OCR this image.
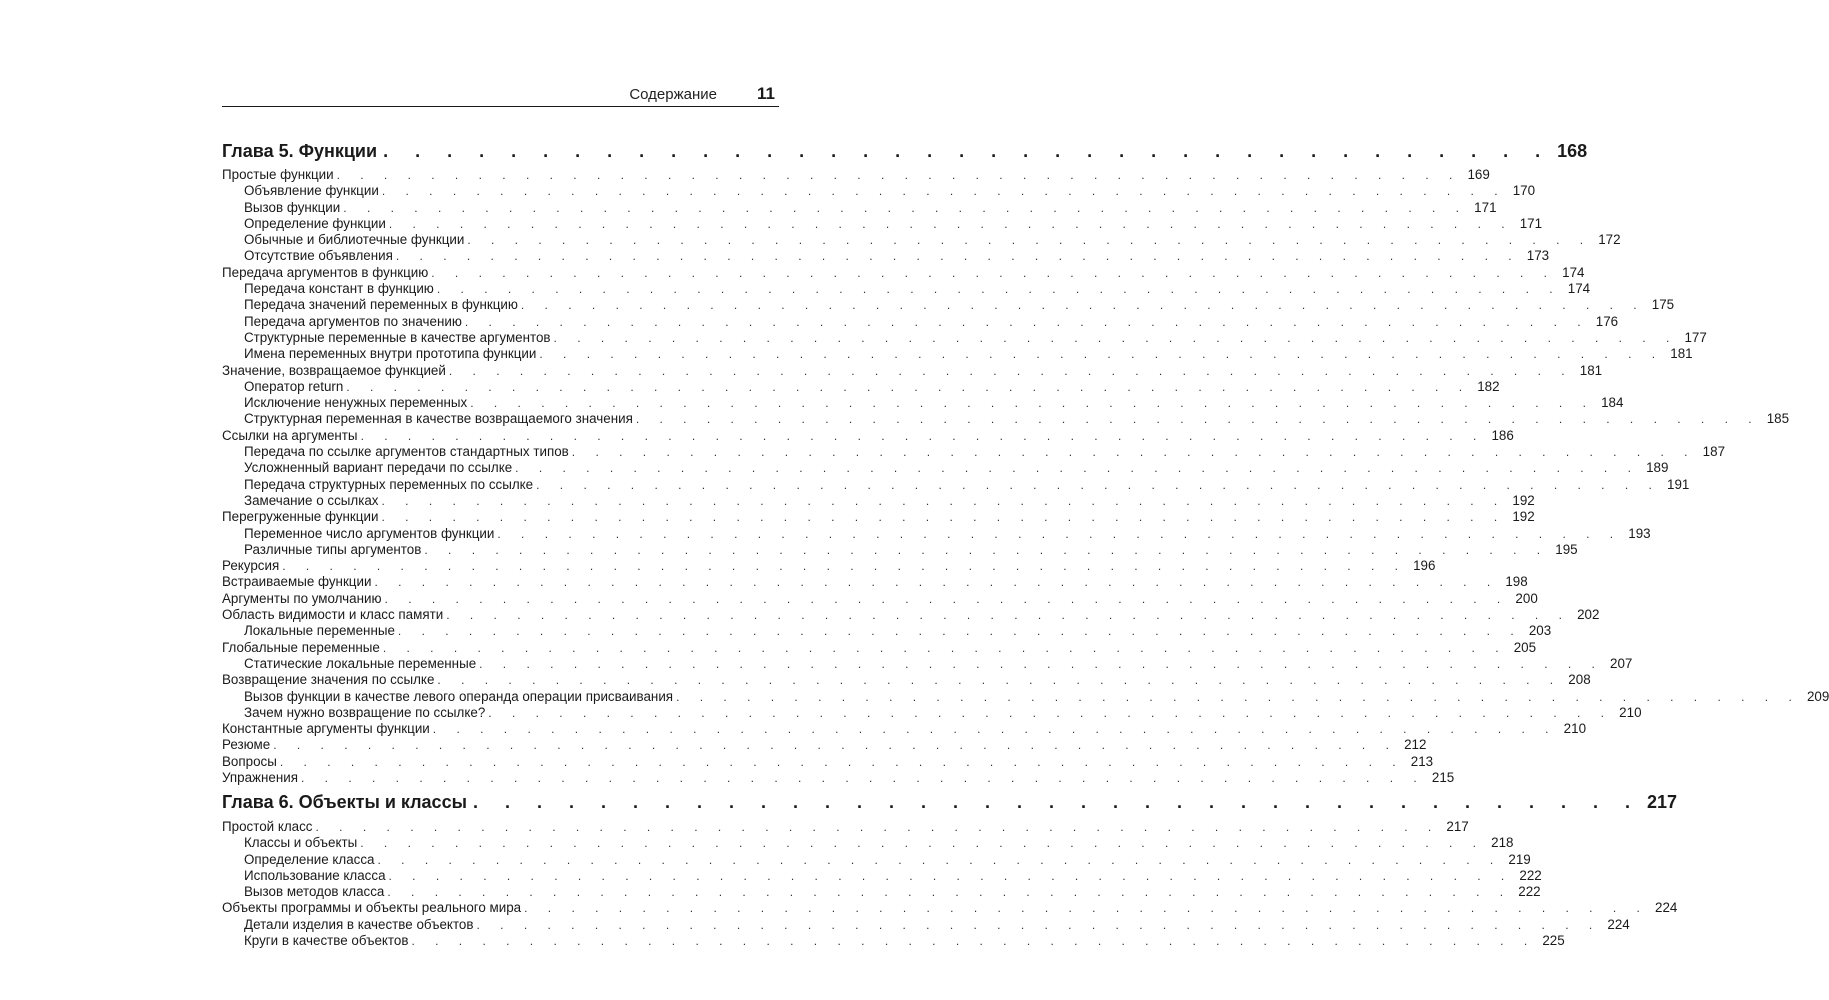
Содержание 11
Глава 5. Функции . . . . . . . . . . . . . . . . . . . . . . . . . . . . . . . . . . . . . 168
Простые функции . . . . . . . . . . . . . . . . . . . . . . . . . . . . . . . . . . . . . . . . . . . . . . . . 169
Объявление функции . . . . . . . . . . . . . . . . . . . . . . . . . . . . . . . . . . . . . . . . . . . . . . . . 170
Вызов функции . . . . . . . . . . . . . . . . . . . . . . . . . . . . . . . . . . . . . . . . . . . . . . . . 171
Определение функции . . . . . . . . . . . . . . . . . . . . . . . . . . . . . . . . . . . . . . . . . . . . . . . . 171
Обычные и библиотечные функции . . . . . . . . . . . . . . . . . . . . . . . . . . . . . . . . . . . . . . . . . . . . . . . . 172
Отсутствие объявления . . . . . . . . . . . . . . . . . . . . . . . . . . . . . . . . . . . . . . . . . . . . . . . . 173
Передача аргументов в функцию . . . . . . . . . . . . . . . . . . . . . . . . . . . . . . . . . . . . . . . . . . . . . . . . 174
Передача констант в функцию . . . . . . . . . . . . . . . . . . . . . . . . . . . . . . . . . . . . . . . . . . . . . . . . 174
Передача значений переменных в функцию . . . . . . . . . . . . . . . . . . . . . . . . . . . . . . . . . . . . . . . . . . . . . . . . 175
Передача аргументов по значению . . . . . . . . . . . . . . . . . . . . . . . . . . . . . . . . . . . . . . . . . . . . . . . . 176
Структурные переменные в качестве аргументов . . . . . . . . . . . . . . . . . . . . . . . . . . . . . . . . . . . . . . . . . . . . . . . . 177
Имена переменных внутри прототипа функции . . . . . . . . . . . . . . . . . . . . . . . . . . . . . . . . . . . . . . . . . . . . . . . . 181
Значение, возвращаемое функцией . . . . . . . . . . . . . . . . . . . . . . . . . . . . . . . . . . . . . . . . . . . . . . . . 181
Оператор return . . . . . . . . . . . . . . . . . . . . . . . . . . . . . . . . . . . . . . . . . . . . . . . . 182
Исключение ненужных переменных . . . . . . . . . . . . . . . . . . . . . . . . . . . . . . . . . . . . . . . . . . . . . . . . 184
Структурная переменная в качестве возвращаемого значения . . . . . . . . . . . . . . . . . . . . . . . . . . . . . . . . . . . . . . . . . . . . . . . . 185
Ссылки на аргументы . . . . . . . . . . . . . . . . . . . . . . . . . . . . . . . . . . . . . . . . . . . . . . . . 186
Передача по ссылке аргументов стандартных типов . . . . . . . . . . . . . . . . . . . . . . . . . . . . . . . . . . . . . . . . . . . . . . . . 187
Усложненный вариант передачи по ссылке . . . . . . . . . . . . . . . . . . . . . . . . . . . . . . . . . . . . . . . . . . . . . . . . 189
Передача структурных переменных по ссылке . . . . . . . . . . . . . . . . . . . . . . . . . . . . . . . . . . . . . . . . . . . . . . . . 191
Замечание о ссылках . . . . . . . . . . . . . . . . . . . . . . . . . . . . . . . . . . . . . . . . . . . . . . . . 192
Перегруженные функции . . . . . . . . . . . . . . . . . . . . . . . . . . . . . . . . . . . . . . . . . . . . . . . . 192
Переменное число аргументов функции . . . . . . . . . . . . . . . . . . . . . . . . . . . . . . . . . . . . . . . . . . . . . . . . 193
Различные типы аргументов . . . . . . . . . . . . . . . . . . . . . . . . . . . . . . . . . . . . . . . . . . . . . . . . 195
Рекурсия . . . . . . . . . . . . . . . . . . . . . . . . . . . . . . . . . . . . . . . . . . . . . . . . 196
Встраиваемые функции . . . . . . . . . . . . . . . . . . . . . . . . . . . . . . . . . . . . . . . . . . . . . . . . 198
Аргументы по умолчанию . . . . . . . . . . . . . . . . . . . . . . . . . . . . . . . . . . . . . . . . . . . . . . . . 200
Область видимости и класс памяти . . . . . . . . . . . . . . . . . . . . . . . . . . . . . . . . . . . . . . . . . . . . . . . . 202
Локальные переменные . . . . . . . . . . . . . . . . . . . . . . . . . . . . . . . . . . . . . . . . . . . . . . . . 203
Глобальные переменные . . . . . . . . . . . . . . . . . . . . . . . . . . . . . . . . . . . . . . . . . . . . . . . . 205
Статические локальные переменные . . . . . . . . . . . . . . . . . . . . . . . . . . . . . . . . . . . . . . . . . . . . . . . . 207
Возвращение значения по ссылке . . . . . . . . . . . . . . . . . . . . . . . . . . . . . . . . . . . . . . . . . . . . . . . . 208
Вызов функции в качестве левого операнда операции присваивания . . . . . . . . . . . . . . . . . . . . . . . . . . . . . . . . . . . . . . . . . . . . . . . . 209
Зачем нужно возвращение по ссылке? . . . . . . . . . . . . . . . . . . . . . . . . . . . . . . . . . . . . . . . . . . . . . . . . 210
Константные аргументы функции . . . . . . . . . . . . . . . . . . . . . . . . . . . . . . . . . . . . . . . . . . . . . . . . 210
Резюме . . . . . . . . . . . . . . . . . . . . . . . . . . . . . . . . . . . . . . . . . . . . . . . . 212
Вопросы . . . . . . . . . . . . . . . . . . . . . . . . . . . . . . . . . . . . . . . . . . . . . . . . 213
Упражнения . . . . . . . . . . . . . . . . . . . . . . . . . . . . . . . . . . . . . . . . . . . . . . . . 215
Глава 6. Объекты и классы . . . . . . . . . . . . . . . . . . . . . . . . . . . . . . . . . . . . . 217
Простой класс . . . . . . . . . . . . . . . . . . . . . . . . . . . . . . . . . . . . . . . . . . . . . . . . 217
Классы и объекты . . . . . . . . . . . . . . . . . . . . . . . . . . . . . . . . . . . . . . . . . . . . . . . . 218
Определение класса . . . . . . . . . . . . . . . . . . . . . . . . . . . . . . . . . . . . . . . . . . . . . . . . 219
Использование класса . . . . . . . . . . . . . . . . . . . . . . . . . . . . . . . . . . . . . . . . . . . . . . . . 222
Вызов методов класса . . . . . . . . . . . . . . . . . . . . . . . . . . . . . . . . . . . . . . . . . . . . . . . . 222
Объекты программы и объекты реального мира . . . . . . . . . . . . . . . . . . . . . . . . . . . . . . . . . . . . . . . . . . . . . . . . 224
Детали изделия в качестве объектов . . . . . . . . . . . . . . . . . . . . . . . . . . . . . . . . . . . . . . . . . . . . . . . . 224
Круги в качестве объектов . . . . . . . . . . . . . . . . . . . . . . . . . . . . . . . . . . . . . . . . . . . . . . . . 225
